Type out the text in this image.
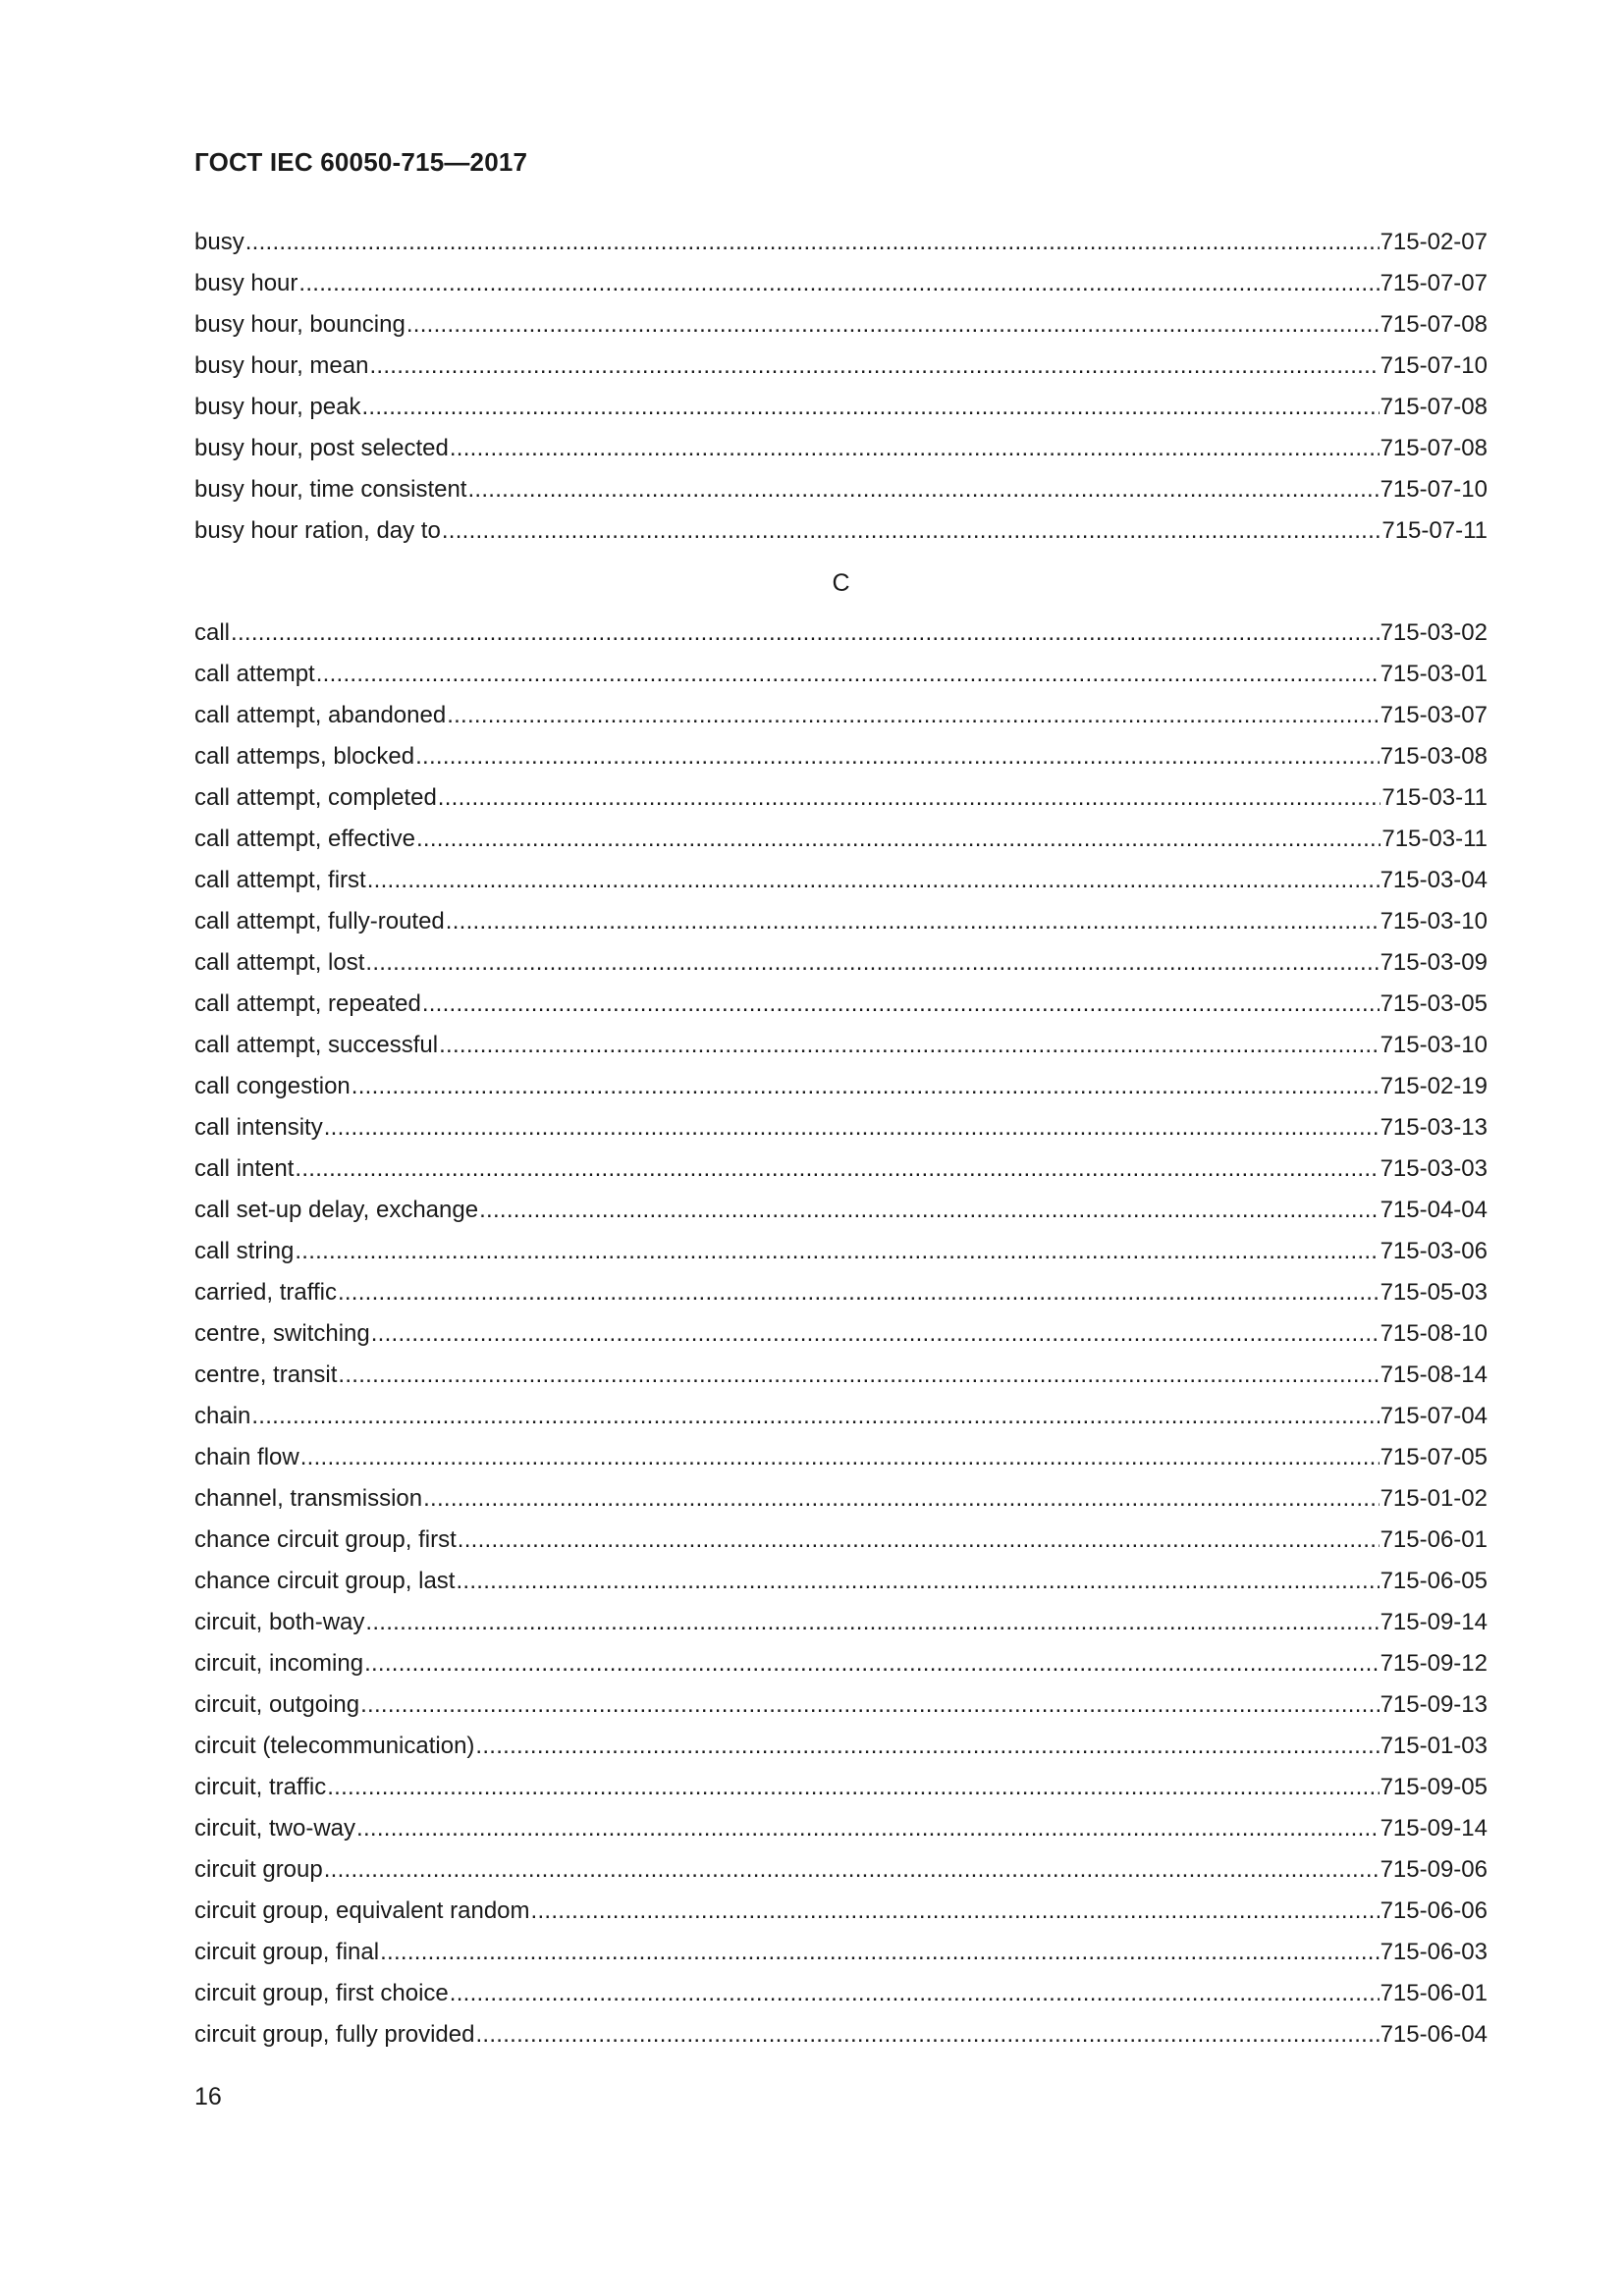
ГОСТ IEC 60050-715—2017
busy . . .	715-02-07
busy hour . . .	715-07-07
busy hour, bouncing . . .	715-07-08
busy hour, mean . . .	715-07-10
busy hour, peak . . .	715-07-08
busy hour, post selected . . .	715-07-08
busy hour, time consistent . . .	715-07-10
busy hour ration, day to . . .	715-07-11
C
call . . .	715-03-02
call attempt . . .	715-03-01
call attempt, abandoned . . .	715-03-07
call attemps, blocked . . .	715-03-08
call attempt, completed . . .	715-03-11
call attempt, effective . . .	715-03-11
call attempt, first . . .	715-03-04
call attempt, fully-routed . . .	715-03-10
call attempt, lost . . .	715-03-09
call attempt, repeated . . .	715-03-05
call attempt, successful . . .	715-03-10
call congestion . . .	715-02-19
call intensity . . .	715-03-13
call intent . . .	715-03-03
call set-up delay, exchange . . .	715-04-04
call string . . .	715-03-06
carried, traffic . . .	715-05-03
centre, switching . . .	715-08-10
centre, transit . . .	715-08-14
chain . . .	715-07-04
chain flow . . .	715-07-05
channel, transmission . . .	715-01-02
chance circuit group, first . . .	715-06-01
chance circuit group, last . . .	715-06-05
circuit, both-way . . .	715-09-14
circuit, incoming . . .	715-09-12
circuit, outgoing . . .	715-09-13
circuit (telecommunication) . . .	715-01-03
circuit, traffic . . .	715-09-05
circuit, two-way . . .	715-09-14
circuit group . . .	715-09-06
circuit group, equivalent random . . .	715-06-06
circuit group, final . . .	715-06-03
circuit group, first choice . . .	715-06-01
circuit group, fully provided . . .	715-06-04
16
